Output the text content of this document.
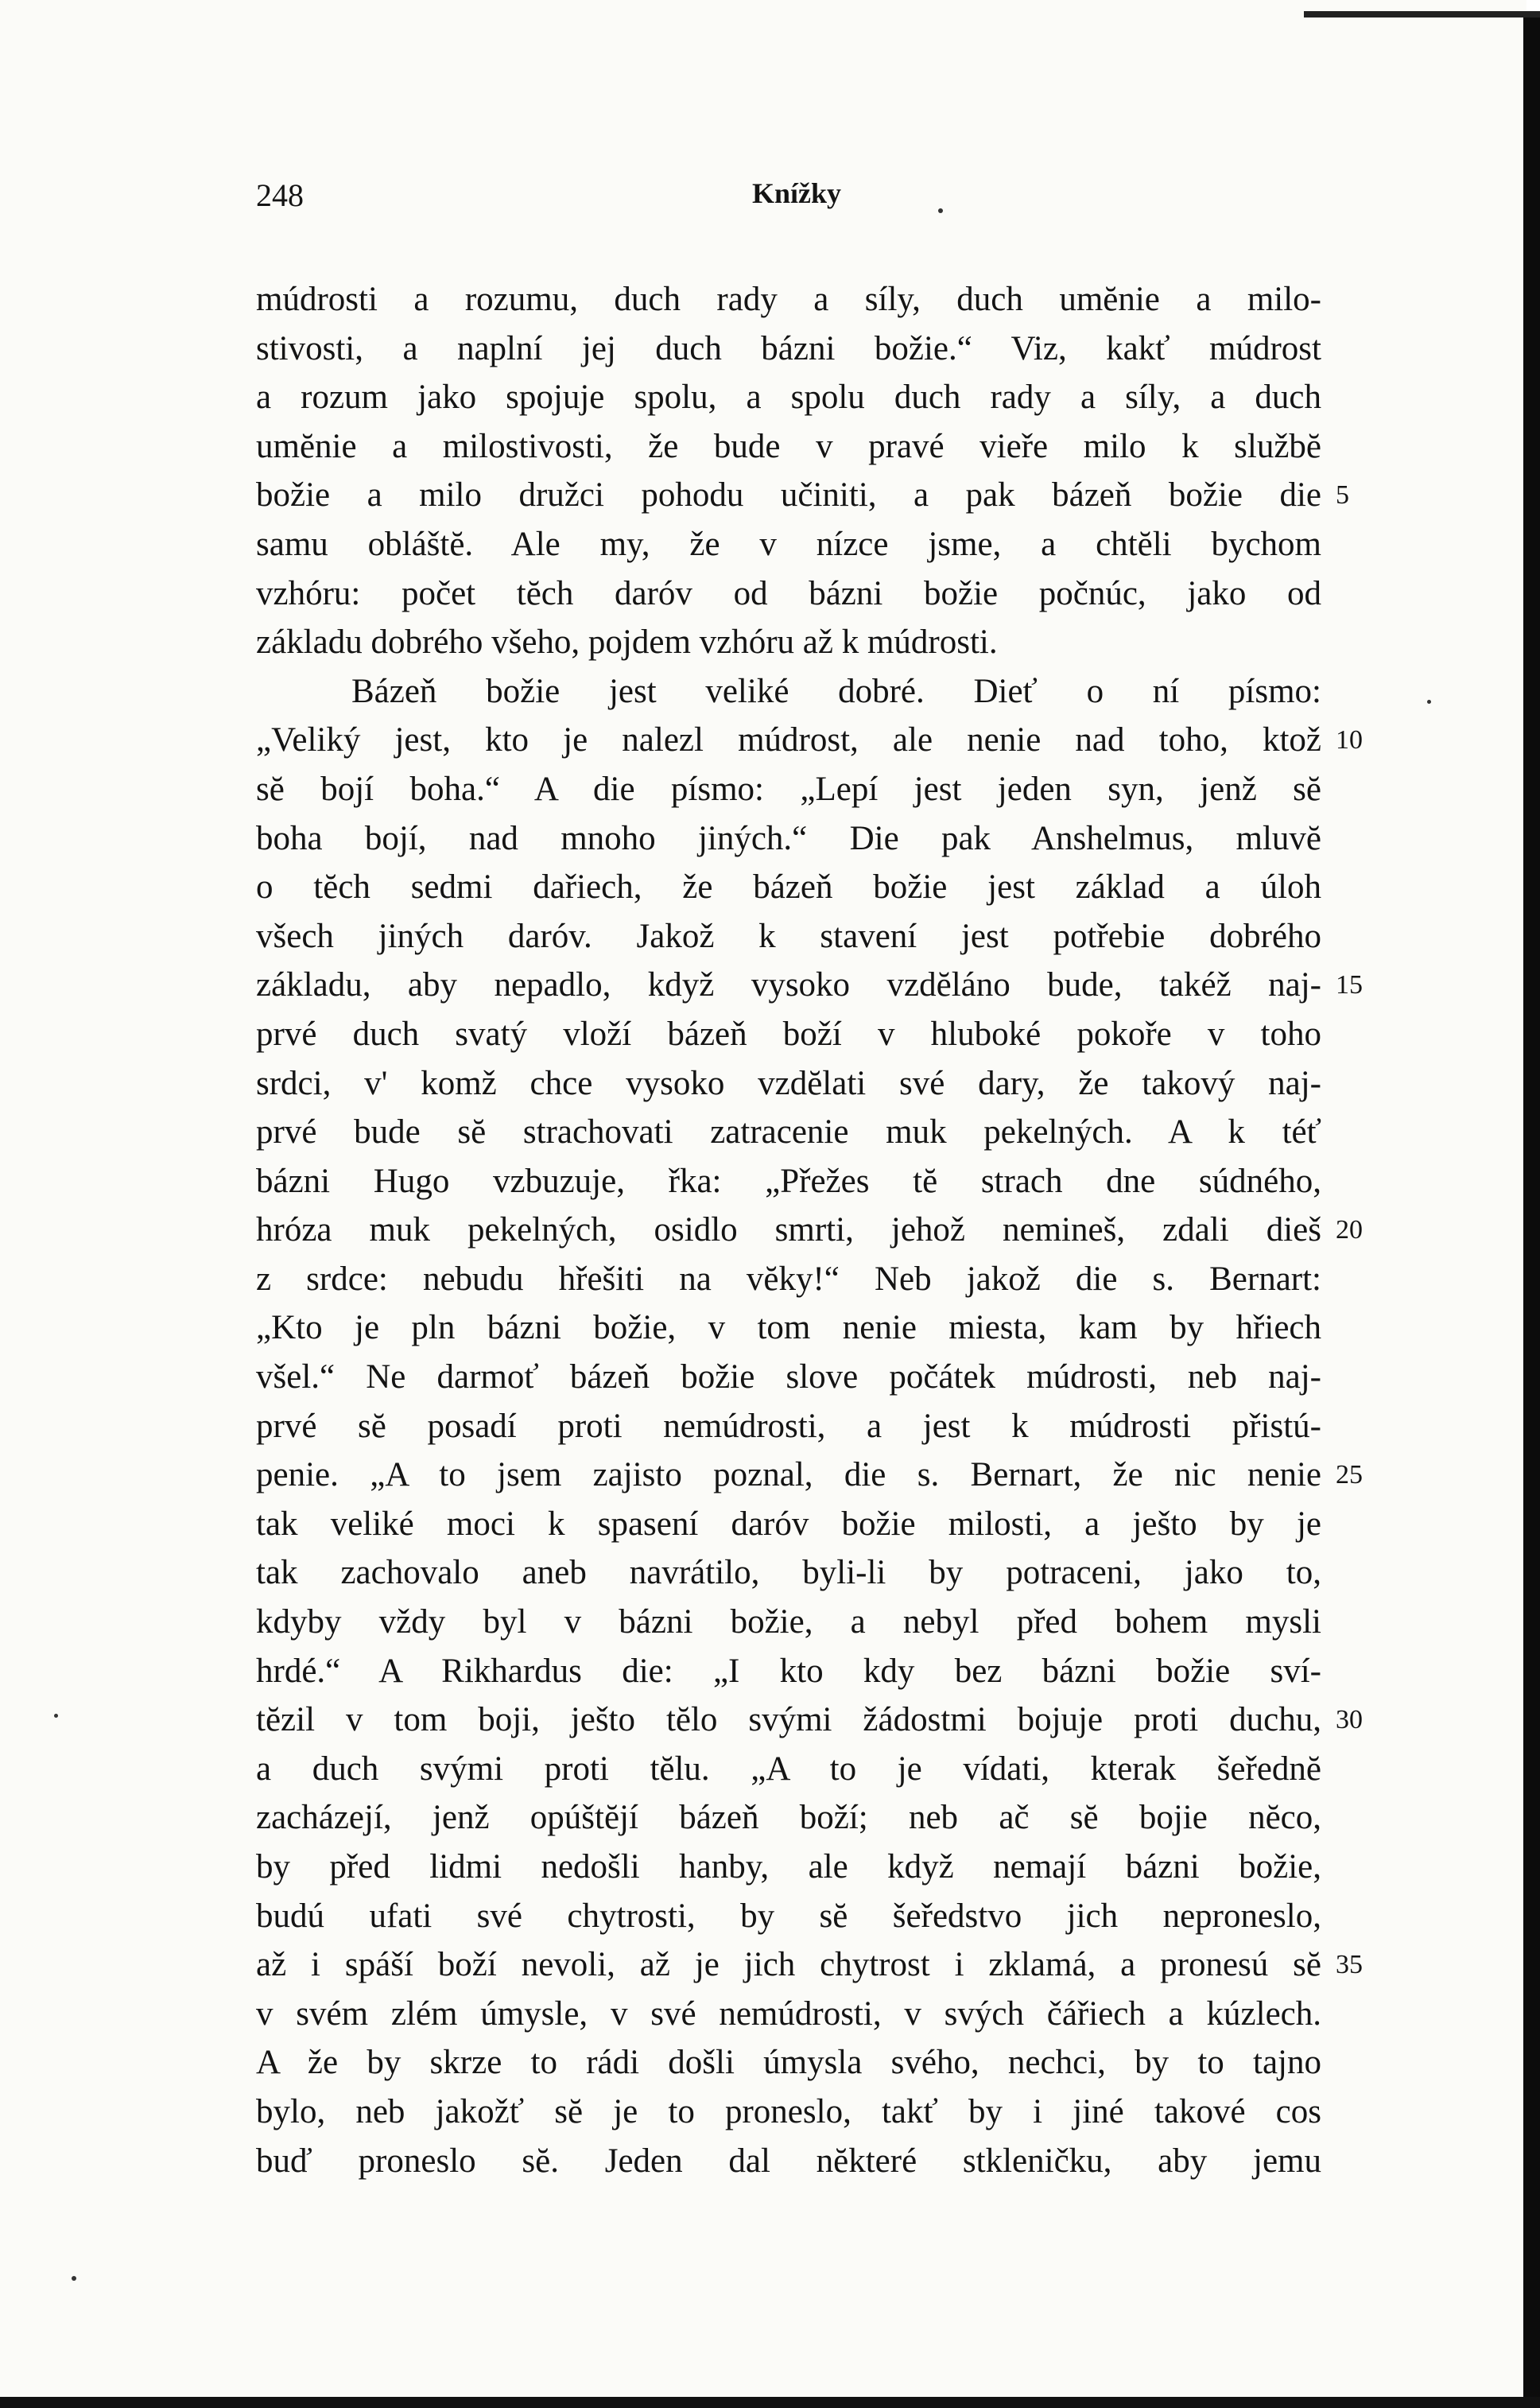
248	Knížky
múdrosti a rozumu, duch rady a síly, duch umĕnie a milo-
stivosti, a naplní jej duch bázni božie.“ Viz, kakť múdrost
a rozum jako spojuje spolu, a spolu duch rady a síly, a duch
umĕnie a milostivosti, že bude v pravé vieře milo k službĕ
božie a milo družci pohodu učiniti, a pak bázeň božie die
samu obláštĕ. Ale my, že v nízce jsme, a chtĕli bychom
vzhóru: počet tĕch daróv od bázni božie počnúc, jako od
základu dobrého všeho, pojdem vzhóru až k múdrosti.
Bázeň božie jest veliké dobré. Dieť o ní písmo:
„Veliký jest, kto je nalezl múdrost, ale nenie nad toho, ktož
sĕ bojí boha.“ A die písmo: „Lepí jest jeden syn, jenž sĕ
boha bojí, nad mnoho jiných.“ Die pak Anshelmus, mluvĕ
o tĕch sedmi dařiech, že bázeň božie jest základ a úloh
všech jiných daróv. Jakož k stavení jest potřebie dobrého
základu, aby nepadlo, když vysoko vzdĕláno bude, takéž naj-
prvé duch svatý vloží bázeň boží v hluboké pokoře v toho
srdci, v' komž chce vysoko vzdĕlati své dary, že takový naj-
prvé bude sĕ strachovati zatracenie muk pekelných. A k téť
bázni Hugo vzbuzuje, řka: „Přežes tĕ strach dne súdného,
hróza muk pekelných, osidlo smrti, jehož nemineš, zdali dieš
z srdce: nebudu hřešiti na vĕky!“ Neb jakož die s. Bernart:
„Kto je pln bázni božie, v tom nenie miesta, kam by hřiech
všel.“ Ne darmoť bázeň božie slove počátek múdrosti, neb naj-
prvé sĕ posadí proti nemúdrosti, a jest k múdrosti přistú-
penie. „A to jsem zajisto poznal, die s. Bernart, že nic nenie
tak veliké moci k spasení daróv božie milosti, a ješto by je
tak zachovalo aneb navrátilo, byli-li by potraceni, jako to,
kdyby vždy byl v bázni božie, a nebyl před bohem mysli
hrdé.“ A Rikhardus die: „I kto kdy bez bázni božie sví-
tĕzil v tom boji, ješto tĕlo svými žádostmi bojuje proti duchu,
a duch svými proti tĕlu. „A to je vídati, kterak šeřednĕ
zacházejí, jenž opúštĕjí bázeň boží; neb ač sĕ bojie nĕco,
by před lidmi nedošli hanby, ale když nemají bázni božie,
budú ufati své chytrosti, by sĕ šeředstvo jich neproneslo,
až i spáší boží nevoli, až je jich chytrost i zklamá, a pronesú sĕ
v svém zlém úmysle, v své nemúdrosti, v svých čářiech a kúzlech.
A že by skrze to rádi došli úmysla svého, nechci, by to tajno
bylo, neb jakožť sĕ je to proneslo, takť by i jiné takové cos
buď proneslo sĕ. Jeden dal nĕkteré stkleničku, aby jemu
5
10
15
20
25
30
35
